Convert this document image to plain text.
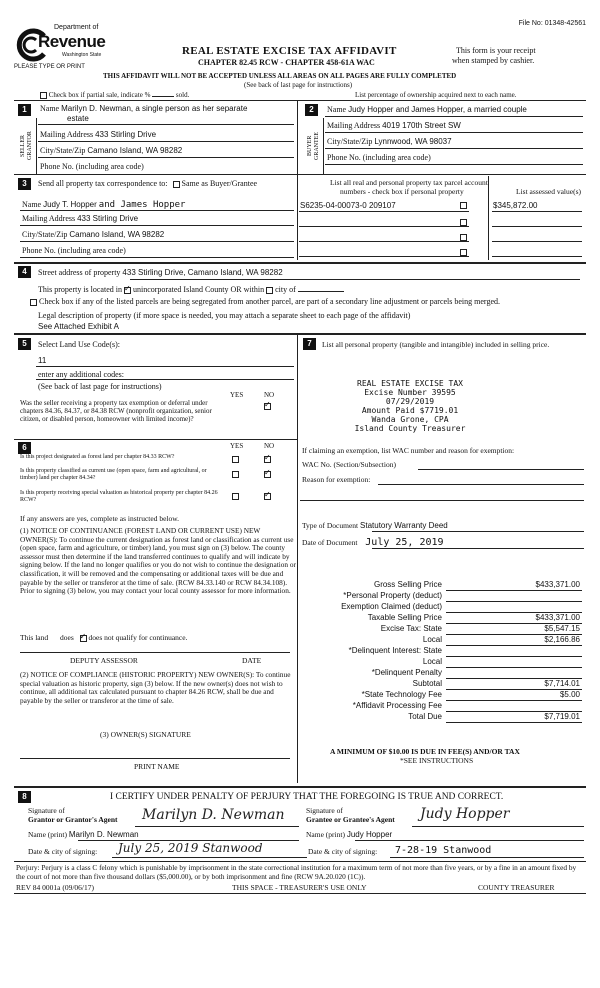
File No: 01348-42561
Department of
Revenue
Washington State
PLEASE TYPE OR PRINT
REAL ESTATE EXCISE TAX AFFIDAVIT
CHAPTER 82.45 RCW - CHAPTER 458-61A WAC
This form is your receipt
when stamped by cashier.
THIS AFFIDAVIT WILL NOT BE ACCEPTED UNLESS ALL AREAS ON ALL PAGES ARE FULLY COMPLETED
(See back of last page for instructions)
Check box if partial sale, indicate %	sold.	List percentage of ownership acquired next to each name.
1
SELLER GRANTOR
Name Marilyn D. Newman, a single person as her separate
estate
Mailing Address 433 Stirling Drive
City/State/Zip Camano Island, WA 98282
Phone No. (including area code)
2
BUYER GRANTEE
Name Judy Hopper and James Hopper, a married couple
Mailing Address 4019 170th Street SW
City/State/Zip Lynnwood, WA 98037
Phone No. (including area code)
3	Send all property tax correspondence to: Same as Buyer/Grantee
Name Judy T. Hopper and James Hopper
Mailing Address 433 Stirling Drive
City/State/Zip Camano Island, WA 98282
Phone No. (including area code)
List all real and personal property tax parcel account
numbers - check box if personal property	List assessed value(s)
S6235-04-00073-0 209107	$345,872.00
4	Street address of property 433 Stirling Drive, Camano Island, WA 98282
This property is located in ✓ unincorporated Island County OR within city of
Check box if any of the listed parcels are being segregated from another parcel, are part of a secondary line adjustment or parcels being merged.
Legal description of property (if more space is needed, you may attach a separate sheet to each page of the affidavit)
See Attached Exhibit A
5	Select Land Use Code(s):
11
enter any additional codes:
(See back of last page for instructions)
YES	NO
Was the seller receiving a property tax exemption or deferral under chapters 84.36, 84.37, or 84.38 RCW (nonprofit organization, senior citizen, or disabled person, homeowner with limited income)?
✓
6	YES	NO
Is this project designated as forest land per chapter 84.33 RCW?
✓
Is this property classified as current use (open space, farm and agricultural, or timber) land per chapter 84.34?
✓
Is this property receiving special valuation as historical property per chapter 84.26 RCW?
✓
If any answers are yes, complete as instructed below.
(1) NOTICE OF CONTINUANCE (FOREST LAND OR CURRENT USE) NEW OWNER(S): To continue the current designation as forest land or classification as current use (open space, farm and agriculture, or timber) land, you must sign on (3) below. The county assessor must then determine if the land transferred continues to qualify and will indicate by signing below. If the land no longer qualifies or you do not wish to continue the designation or classification, it will be removed and the compensating or additional taxes will be due and payable by the seller or transferor at the time of sale. (RCW 84.33.140 or RCW 84.34.108). Prior to signing (3) below, you may contact your local county assessor for more information.
This land does ✓ does not qualify for continuance.
DEPUTY ASSESSOR	DATE
(2) NOTICE OF COMPLIANCE (HISTORIC PROPERTY) NEW OWNER(S): To continue special valuation as historic property, sign (3) below. If the new owner(s) does not wish to continue, all additional tax calculated pursuant to chapter 84.26 RCW, shall be due and payable by the seller or transferor at the time of sale.
(3) OWNER(S) SIGNATURE
PRINT NAME
7	List all personal property (tangible and intangible) included in selling price.
REAL ESTATE EXCISE TAX
Excise Number 39595
07/29/2019
Amount Paid $7719.01
Wanda Grone, CPA
Island County Treasurer
If claiming an exemption, list WAC number and reason for exemption:
WAC No. (Section/Subsection)
Reason for exemption:
Type of Document Statutory Warranty Deed
Date of Document July 25, 2019
Gross Selling Price	$433,371.00
*Personal Property (deduct)
Exemption Claimed (deduct)
Taxable Selling Price	$433,371.00
Excise Tax: State	$5,547.15
Local	$2,166.86
*Delinquent Interest: State
Local
*Delinquent Penalty
Subtotal	$7,714.01
*State Technology Fee	$5.00
*Affidavit Processing Fee
Total Due	$7,719.01
A MINIMUM OF $10.00 IS DUE IN FEE(S) AND/OR TAX
*SEE INSTRUCTIONS
8	I CERTIFY UNDER PENALTY OF PERJURY THAT THE FOREGOING IS TRUE AND CORRECT.
Signature of
Grantor or Grantor's Agent Marilyn D. Newman
Name (print) Marilyn D. Newman
Date & city of signing: July 25, 2019 Stanwood
Signature of
Grantee or Grantee's Agent Judy Hopper
Name (print) Judy Hopper
Date & city of signing: 7-28-19 Stanwood
Perjury: Perjury is a class C felony which is punishable by imprisonment in the state correctional institution for a maximum term of not more than five years, or by a fine in an amount fixed by the court of not more than five thousand dollars ($5,000.00), or by both imprisonment and fine (RCW 9A.20.020 (1C)).
REV 84 0001a (09/06/17)	THIS SPACE - TREASURER'S USE ONLY	COUNTY TREASURER
